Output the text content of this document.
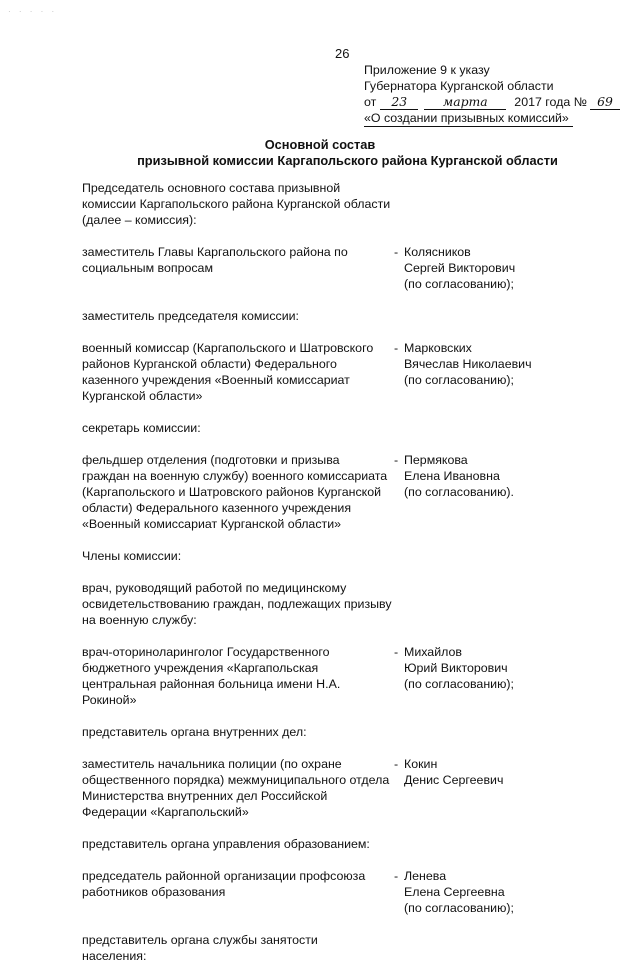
· · · · ·
26
Приложение 9 к указу
Губернатора Курганской области
от	23	марта	2017 года № 69
«О создании призывных комиссий»
Основной состав
призывной комиссии Каргапольского района Курганской области
Председатель основного состава призывной комиссии Каргапольского района Курганской области (далее – комиссия):
заместитель Главы Каргапольского района по социальным вопросам
- Колясников
Сергей Викторович
(по согласованию);
заместитель председателя комиссии:
военный комиссар (Каргапольского и Шатровского районов Курганской области) Федерального казенного учреждения «Военный комиссариат Курганской области»
- Марковских
Вячеслав Николаевич
(по согласованию);
секретарь комиссии:
фельдшер отделения (подготовки и призыва граждан на военную службу) военного комиссариата (Каргапольского и Шатровского районов Курганской области) Федерального казенного учреждения «Военный комиссариат Курганской области»
- Пермякова
Елена Ивановна
(по согласованию).
Члены комиссии:
врач, руководящий работой по медицинскому освидетельствованию граждан, подлежащих призыву на военную службу:
врач-оториноларинголог Государственного бюджетного учреждения «Каргапольская центральная районная больница имени Н.А. Рокиной»
- Михайлов
Юрий Викторович
(по согласованию);
представитель органа внутренних дел:
заместитель начальника полиции (по охране общественного порядка) межмуниципального отдела Министерства внутренних дел Российской Федерации «Каргапольский»
- Кокин
Денис Сергеевич
представитель органа управления образованием:
председатель районной организации профсоюза работников образования
- Ленева
Елена Сергеевна
(по согласованию);
представитель органа службы занятости населения:
